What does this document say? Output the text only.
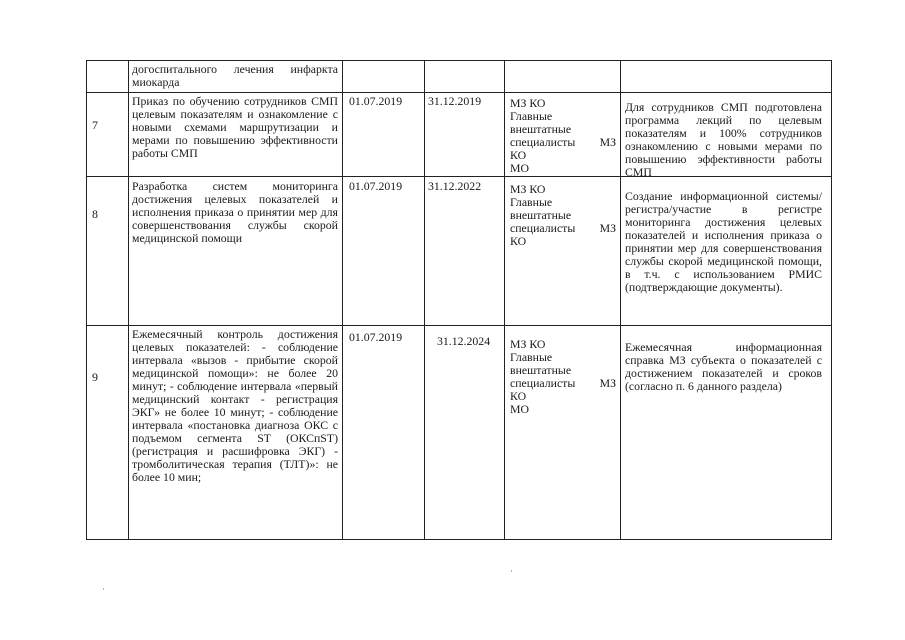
догоспитального лечения инфаркта миокарда
7
Приказ по обучению сотрудников СМП целевым показателям и ознакомление с новыми схемами маршрутизации и мерами по повышению эффективности работы СМП
01.07.2019 31.12.2019 МЗ КО
Главные
внештатные
специалисты МЗ
КО
МО
Для сотрудников СМП подготовлена программа лекций по целевым показателям и 100% сотрудников ознакомлению с новыми мерами по повышению эффективности работы СМП
8
Разработка систем мониторинга достижения целевых показателей и исполнения приказа о принятии мер для совершенствования службы скорой медицинской помощи
01.07.2019 31.12.2022 МЗ КО
Главные
внештатные
специалисты МЗ
КО
Создание информационной системы/регистра/участие в регистре мониторинга достижения целевых показателей и исполнения приказа о принятии мер для совершенствования службы скорой медицинской помощи, в т.ч. с использованием РМИС (подтверждающие документы).
9
Ежемесячный контроль достижения целевых показателей: - соблюдение интервала «вызов - прибытие скорой медицинской помощи»: не более 20 минут; - соблюдение интервала «первый медицинский контакт - регистрация ЭКГ» не более 10 минут; - соблюдение интервала «постановка диагноза ОКС с подъемом сегмента ST (ОКСпST) (регистрация и расшифровка ЭКГ) - тромболитическая терапия (ТЛТ)»: не более 10 мин;
01.07.2019	31.12.2024 МЗ КО
Главные
внештатные
специалисты МЗ
КО
МО
Ежемесячная информационная справка МЗ субъекта о показателей с достижением показателей и сроков (согласно п. 6 данного раздела)
·
·
